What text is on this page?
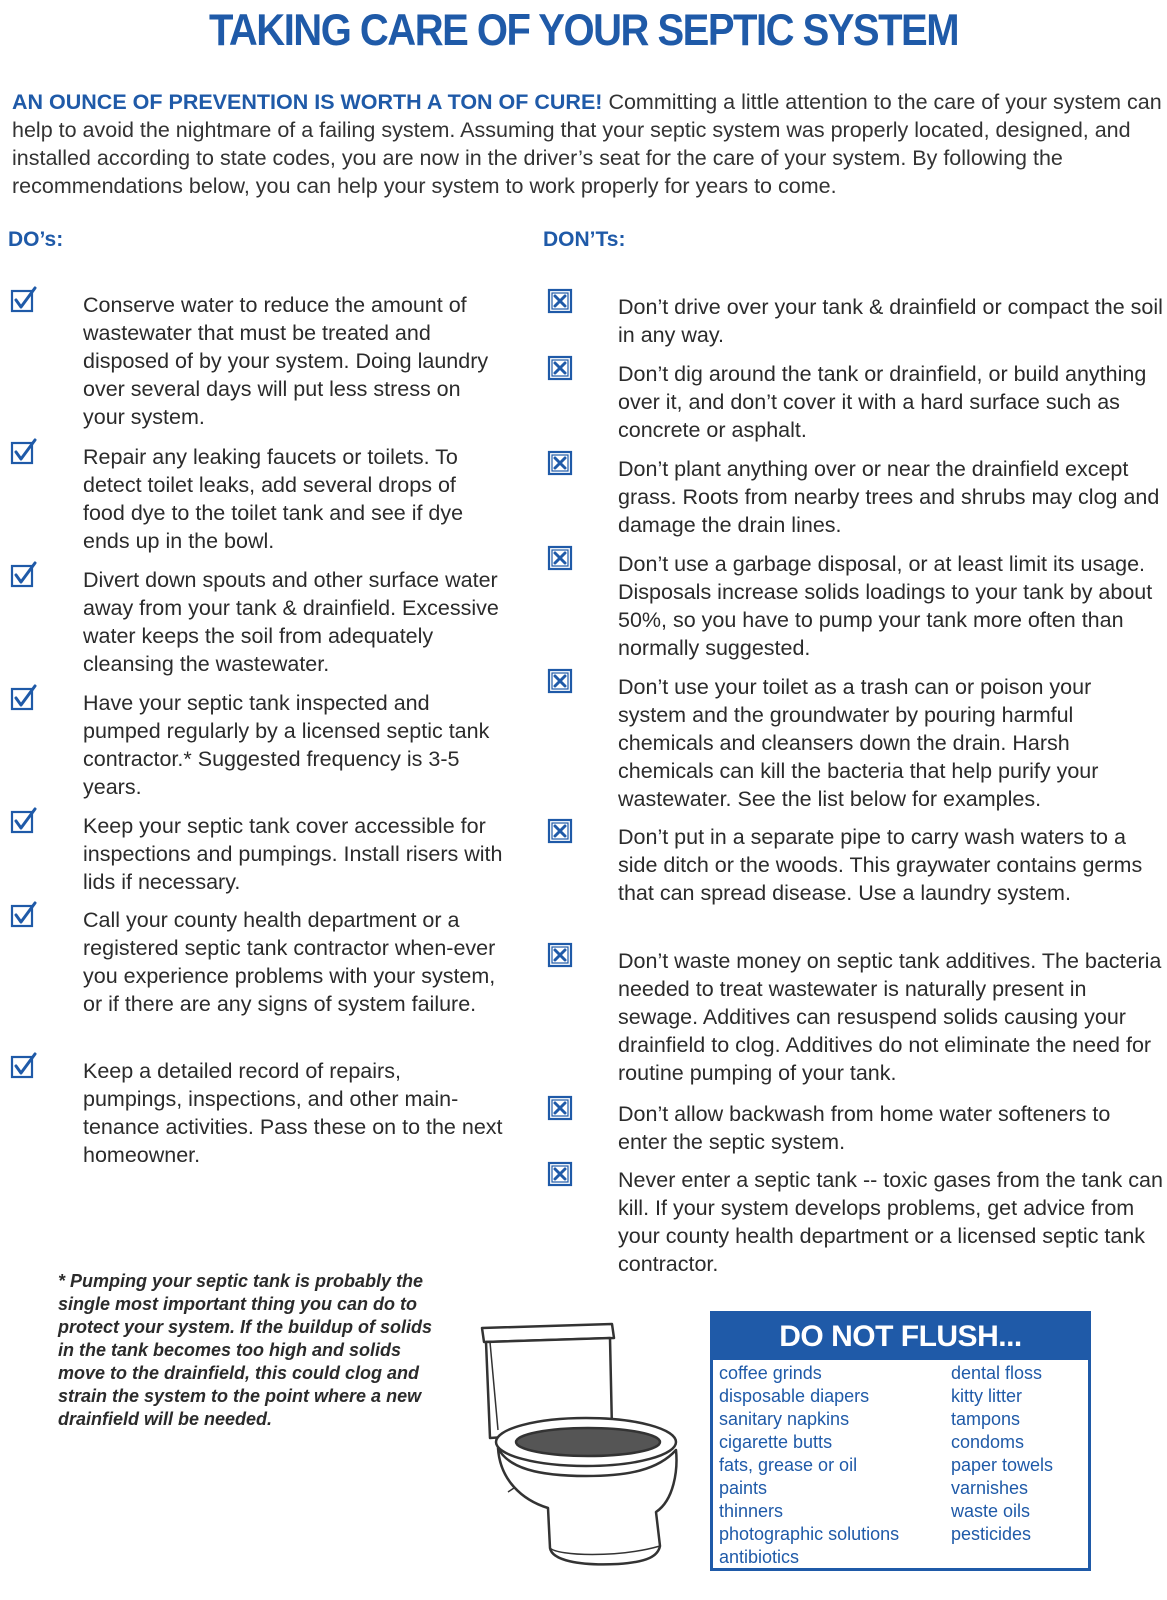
TAKING CARE OF YOUR SEPTIC SYSTEM
AN OUNCE OF PREVENTION IS WORTH A TON OF CURE! Committing a little attention to the care of your system can help to avoid the nightmare of a failing system. Assuming that your septic system was properly located, designed, and installed according to state codes, you are now in the driver’s seat for the care of your system. By following the recommendations below, you can help your system to work properly for years to come.
DO’s:	DON’Ts:
Conserve water to reduce the amount of wastewater that must be treated and disposed of by your system. Doing laundry over several days will put less stress on your system.
Repair any leaking faucets or toilets. To detect toilet leaks, add several drops of food dye to the toilet tank and see if dye ends up in the bowl.
Divert down spouts and other surface water away from your tank & drainfield. Excessive water keeps the soil from adequately cleansing the wastewater.
Have your septic tank inspected and pumped regularly by a licensed septic tank contractor.* Suggested frequency is 3-5 years.
Keep your septic tank cover accessible for inspections and pumpings. Install risers with lids if necessary.
Call your county health department or a registered septic tank contractor when-ever you experience problems with your system, or if there are any signs of system failure.
Keep a detailed record of repairs, pumpings, inspections, and other main-tenance activities. Pass these on to the next homeowner.
Don’t drive over your tank & drainfield or compact the soil in any way.
Don’t dig around the tank or drainfield, or build anything over it, and don’t cover it with a hard surface such as concrete or asphalt.
Don’t plant anything over or near the drainfield except grass. Roots from nearby trees and shrubs may clog and damage the drain lines.
Don’t use a garbage disposal, or at least limit its usage. Disposals increase solids loadings to your tank by about 50%, so you have to pump your tank more often than normally suggested.
Don’t use your toilet as a trash can or poison your system and the groundwater by pouring harmful chemicals and cleansers down the drain. Harsh chemicals can kill the bacteria that help purify your wastewater. See the list below for examples.
Don’t put in a separate pipe to carry wash waters to a side ditch or the woods. This graywater contains germs that can spread disease. Use a laundry system.
Don’t waste money on septic tank additives. The bacteria needed to treat wastewater is naturally present in sewage. Additives can resuspend solids causing your drainfield to clog. Additives do not eliminate the need for routine pumping of your tank.
Don’t allow backwash from home water softeners to enter the septic system.
Never enter a septic tank -- toxic gases from the tank can kill. If your system develops problems, get advice from your county health department or a licensed septic tank contractor.
* Pumping your septic tank is probably the single most important thing you can do to protect your system. If the buildup of solids in the tank becomes too high and solids move to the drainfield, this could clog and strain the system to the point where a new drainfield will be needed.
DO NOT FLUSH...
coffee grinds
disposable diapers
sanitary napkins
cigarette butts
fats, grease or oil
paints
thinners
photographic solutions
antibiotics
dental floss
kitty litter
tampons
condoms
paper towels
varnishes
waste oils
pesticides
